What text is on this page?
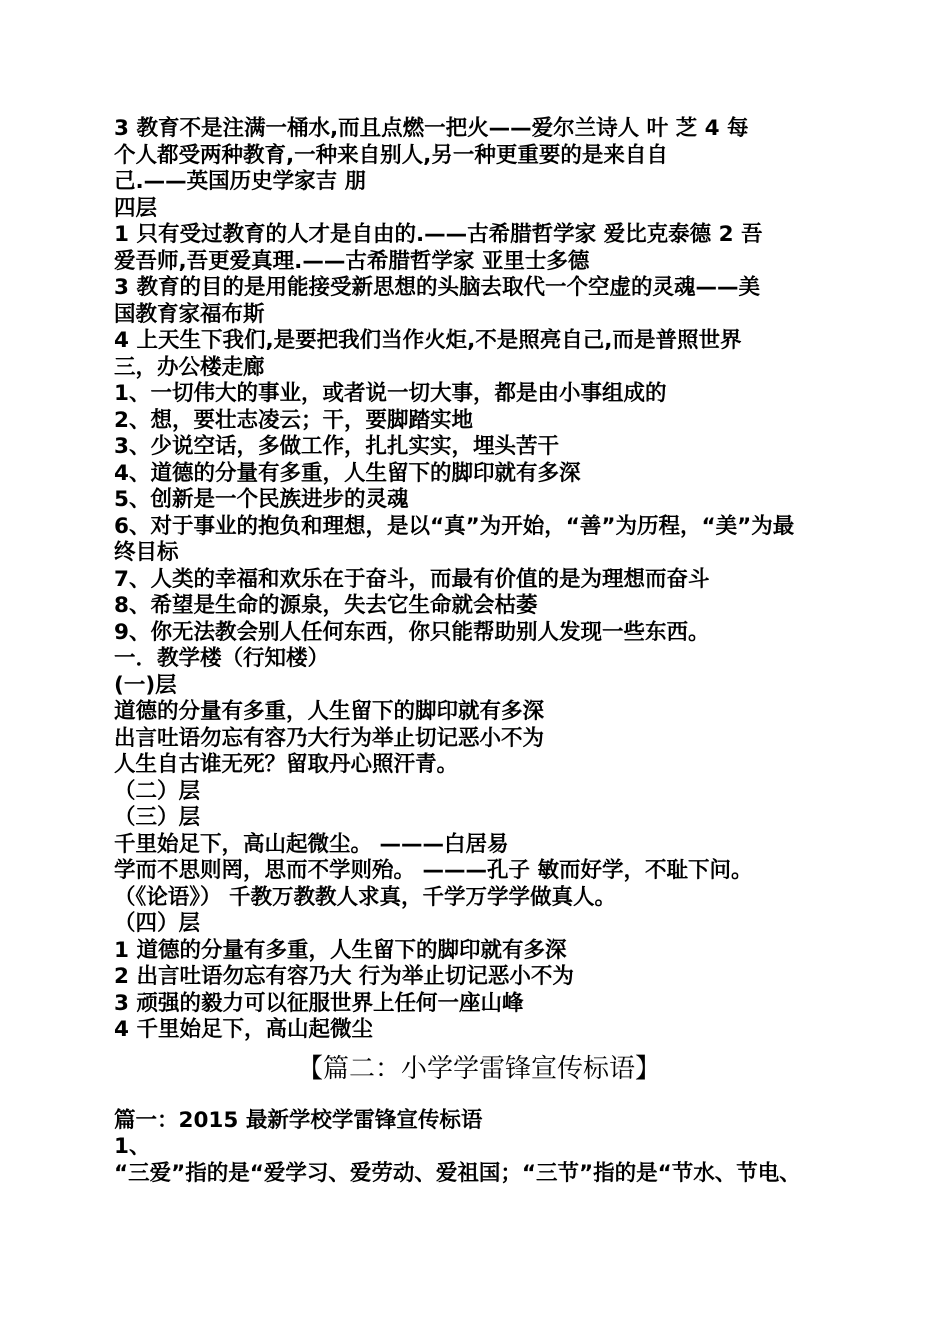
3 教育不是注满一桶水,而且点燃一把火——爱尔兰诗人 叶 芝 4 每
个人都受两种教育,一种来自别人,另一种更重要的是来自自
己.——英国历史学家吉 朋
四层
1 只有受过教育的人才是自由的.——古希腊哲学家 爱比克泰德 2 吾
爱吾师,吾更爱真理.——古希腊哲学家 亚里士多德
3 教育的目的是用能接受新思想的头脑去取代一个空虚的灵魂——美
国教育家福布斯
4 上天生下我们,是要把我们当作火炬,不是照亮自己,而是普照世界
三，办公楼走廊
1、一切伟大的事业，或者说一切大事，都是由小事组成的
2、想，要壮志凌云；干，要脚踏实地
3、少说空话，多做工作，扎扎实实，埋头苦干
4、道德的分量有多重，人生留下的脚印就有多深
5、创新是一个民族进步的灵魂
6、对于事业的抱负和理想，是以“真”为开始，“善”为历程，“美”为最
终目标
7、人类的幸福和欢乐在于奋斗，而最有价值的是为理想而奋斗
8、希望是生命的源泉，失去它生命就会枯萎
9、你无法教会别人任何东西，你只能帮助别人发现一些东西。
一．教学楼（行知楼）
(一)层
道德的分量有多重，人生留下的脚印就有多深
出言吐语勿忘有容乃大行为举止切记恶小不为
人生自古谁无死？留取丹心照汗青。
（二）层
（三）层
千里始足下，高山起微尘。 ———白居易
学而不思则罔，思而不学则殆。 ———孔子 敏而好学，不耻下问。
（《论语》） 千教万教教人求真，千学万学学做真人。
（四）层
1 道德的分量有多重，人生留下的脚印就有多深
2 出言吐语勿忘有容乃大 行为举止切记恶小不为
3 顽强的毅力可以征服世界上任何一座山峰
4 千里始足下，高山起微尘
【篇二：小学学雷锋宣传标语】
篇一：2015 最新学校学雷锋宣传标语
1、
“三爱”指的是“爱学习、爱劳动、爱祖国；“三节”指的是“节水、节电、
